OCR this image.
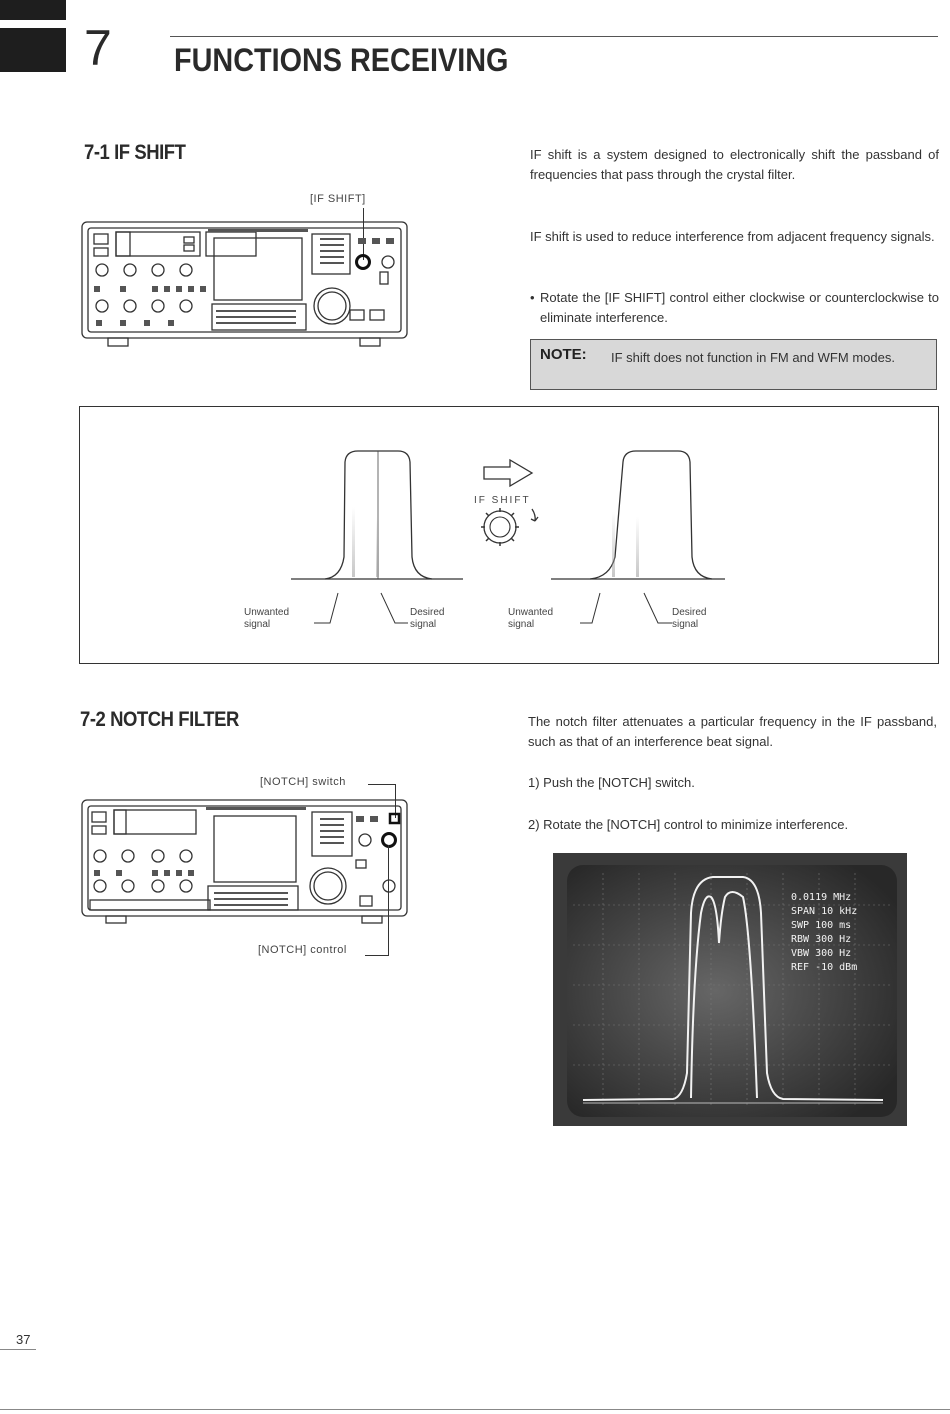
7 FUNCTIONS RECEIVING
7-1 IF SHIFT
[IF SHIFT]
IF shift is a system designed to electronically shift the passband of frequencies that pass through the crystal filter.
IF shift is used to reduce interference from adjacent frequency signals.
• Rotate the [IF SHIFT] control either clockwise or counterclockwise to eliminate interference.
NOTE: IF shift does not function in FM and WFM modes.
IF SHIFT
Unwanted
signal
Desired
signal
Unwanted
signal
Desired
signal
7-2 NOTCH FILTER
[NOTCH] switch
[NOTCH] control
The notch filter attenuates a particular frequency in the IF passband, such as that of an interference beat signal.
1) Push the [NOTCH] switch.
2) Rotate the [NOTCH] control to minimize interference.
0.0119 MHz
SPAN 10 kHz
SWP 100 ms
RBW 300 Hz
VBW 300 Hz
REF -10 dBm
37
